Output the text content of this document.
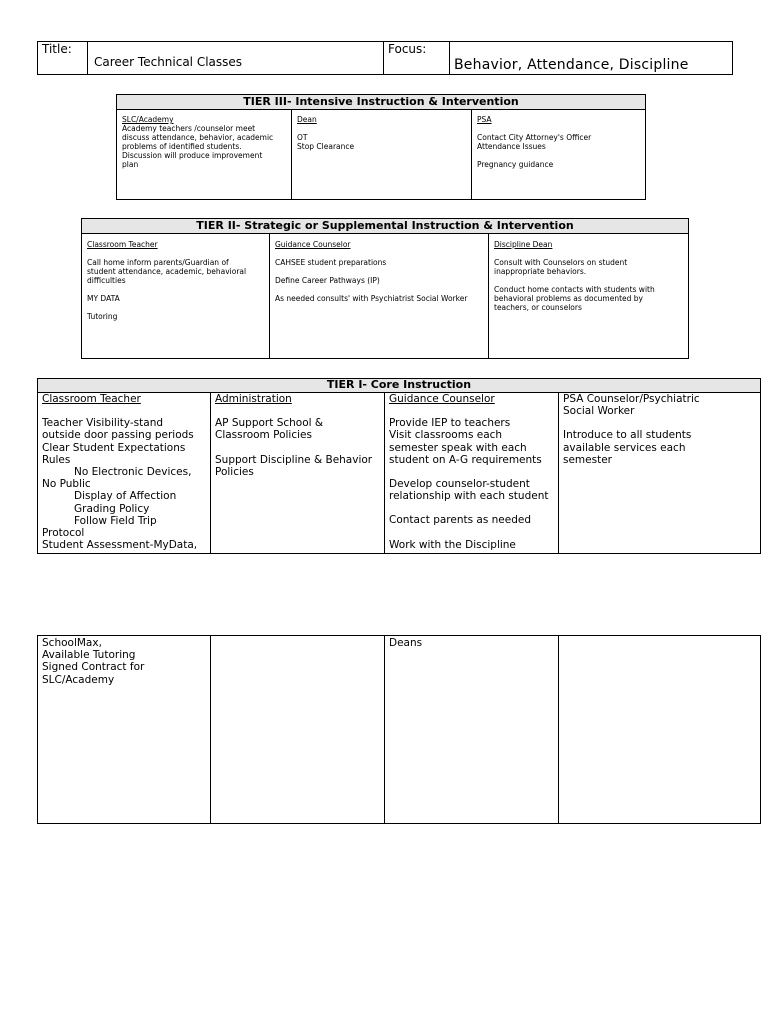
Title:
Career Technical Classes
Focus:
Behavior, Attendance, Discipline
TIER III- Intensive Instruction & Intervention

SLC/Academy

Academy teachers /counselor meet

discuss attendance, behavior, academic

problems of identified students.

Discussion will produce improvement

plan

Dean

OT

Stop Clearance

PSA

Contact City Attorney's Officer

Attendance Issues

Pregnancy guidance

TIER II- Strategic or Supplemental Instruction & Intervention

Classroom Teacher

Call home inform parents/Guardian of

student attendance, academic, behavioral

difficulties

MY DATA

Tutoring

Guidance Counselor

CAHSEE student preparations

Define Career Pathways (IP)

As needed consults' with Psychiatrist Social Worker

Discipline Dean

Consult with Counselors on student

inappropriate behaviors.

Conduct home contacts with students with

behavioral problems as documented by

teachers, or counselors

TIER I- Core Instruction

Classroom Teacher

Teacher Visibility-stand

outside door passing periods

Clear Student Expectations

Rules

No Electronic Devices,

No Public

Display of Affection

Grading Policy

Follow Field Trip

Protocol

Student Assessment-MyData,

Administration

AP Support School &

Classroom Policies

Support Discipline & Behavior

Policies

Guidance Counselor

Provide IEP to teachers

Visit classrooms each

semester speak with each

student on A-G requirements

Develop counselor-student

relationship with each student

Contact parents as needed

Work with the Discipline

PSA Counselor/Psychiatric

Social Worker

Introduce to all students

available services each

semester

SchoolMax,

Available Tutoring

Signed Contract for

SLC/Academy

Deans
